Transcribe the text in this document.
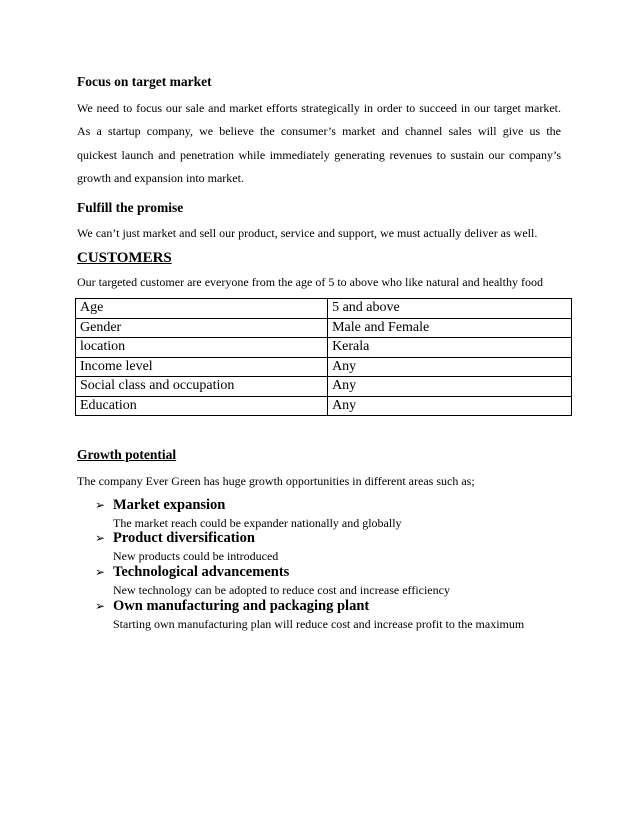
Focus on target market
We need to focus our sale and market efforts strategically in order to succeed in our target market.
As a startup company, we believe the consumer’s market and channel sales will give us the
quickest launch and penetration while immediately generating revenues to sustain our company’s
growth and expansion into market.
Fulfill the promise
We can’t just market and sell our product, service and support, we must actually deliver as well.
CUSTOMERS
Our targeted customer are everyone from the age of 5 to above who like natural and healthy food
Age	5 and above
Gender	Male and Female
location	Kerala
Income level	Any
Social class and occupation	Any
Education	Any
Growth potential
The company Ever Green has huge growth opportunities in different areas such as;
➢ Market expansion
The market reach could be expander nationally and globally
➢ Product diversification
New products could be introduced
➢ Technological advancements
New technology can be adopted to reduce cost and increase efficiency
➢ Own manufacturing and packaging plant
Starting own manufacturing plan will reduce cost and increase profit to the maximum
